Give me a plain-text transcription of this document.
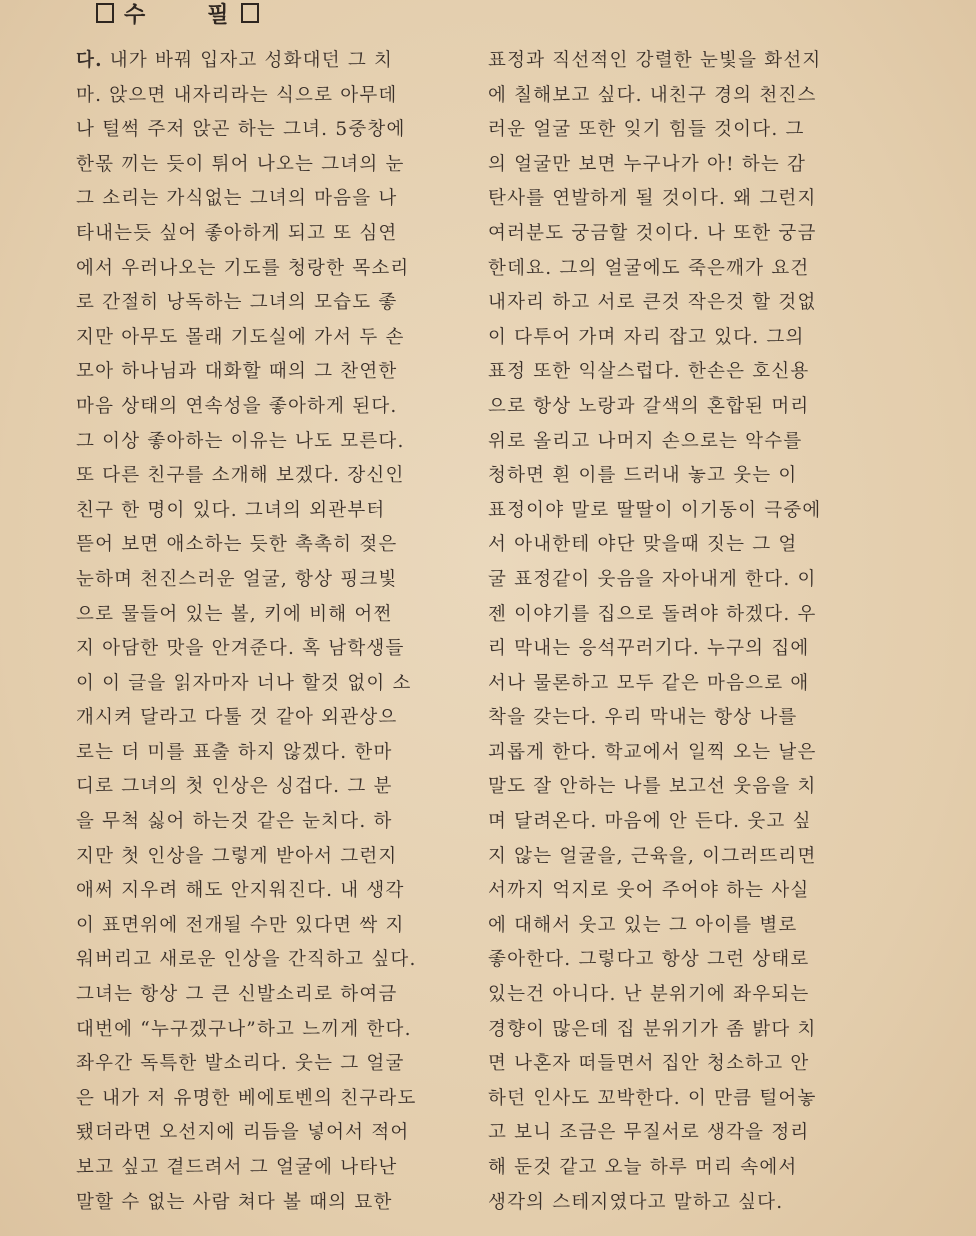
수	필
다. 내가 바꿔 입자고 성화대던 그 치
마. 앉으면 내자리라는 식으로 아무데
나 털썩 주저 앉곤 하는 그녀. 5중창에
한몫 끼는 듯이 튀어 나오는 그녀의 눈
그 소리는 가식없는 그녀의 마음을 나
타내는듯 싶어 좋아하게 되고 또 심연
에서 우러나오는 기도를 청랑한 목소리
로 간절히 낭독하는 그녀의 모습도 좋
지만 아무도 몰래 기도실에 가서 두 손
모아 하나님과 대화할 때의 그 찬연한
마음 상태의 연속성을 좋아하게 된다.
그 이상 좋아하는 이유는 나도 모른다.
또 다른 친구를 소개해 보겠다. 장신인
친구 한 명이 있다. 그녀의 외관부터
뜯어 보면 애소하는 듯한 촉촉히 젖은
눈하며 천진스러운 얼굴, 항상 핑크빛
으로 물들어 있는 볼, 키에 비해 어쩐
지 아담한 맛을 안겨준다. 혹 남학생들
이 이 글을 읽자마자 너나 할것 없이 소
개시켜 달라고 다툴 것 같아 외관상으
로는 더 미를 표출 하지 않겠다. 한마
디로 그녀의 첫 인상은 싱겁다. 그 분
을 무척 싫어 하는것 같은 눈치다. 하
지만 첫 인상을 그렇게 받아서 그런지
애써 지우려 해도 안지워진다. 내 생각
이 표면위에 전개될 수만 있다면 싹 지
워버리고 새로운 인상을 간직하고 싶다.
그녀는 항상 그 큰 신발소리로 하여금
대번에 “누구겠구나”하고 느끼게 한다.
좌우간 독특한 발소리다. 웃는 그 얼굴
은 내가 저 유명한 베에토벤의 친구라도
됐더라면 오선지에 리듬을 넣어서 적어
보고 싶고 곁드려서 그 얼굴에 나타난
말할 수 없는 사람 쳐다 볼 때의 묘한
표정과 직선적인 강렬한 눈빛을 화선지
에 칠해보고 싶다. 내친구 경의 천진스
러운 얼굴 또한 잊기 힘들 것이다. 그
의 얼굴만 보면 누구나가 아! 하는 감
탄사를 연발하게 될 것이다. 왜 그런지
여러분도 궁금할 것이다. 나 또한 궁금
한데요. 그의 얼굴에도 죽은깨가 요건
내자리 하고 서로 큰것 작은것 할 것없
이 다투어 가며 자리 잡고 있다. 그의
표정 또한 익살스럽다. 한손은 호신용
으로 항상 노랑과 갈색의 혼합된 머리
위로 올리고 나머지 손으로는 악수를
청하면 흰 이를 드러내 놓고 웃는 이
표정이야 말로 딸딸이 이기동이 극중에
서 아내한테 야단 맞을때 짓는 그 얼
굴 표정같이 웃음을 자아내게 한다. 이
젠 이야기를 집으로 돌려야 하겠다. 우
리 막내는 응석꾸러기다. 누구의 집에
서나 물론하고 모두 같은 마음으로 애
착을 갖는다. 우리 막내는 항상 나를
괴롭게 한다. 학교에서 일찍 오는 날은
말도 잘 안하는 나를 보고선 웃음을 치
며 달려온다. 마음에 안 든다. 웃고 싶
지 않는 얼굴을, 근육을, 이그러뜨리면
서까지 억지로 웃어 주어야 하는 사실
에 대해서 웃고 있는 그 아이를 별로
좋아한다. 그렇다고 항상 그런 상태로
있는건 아니다. 난 분위기에 좌우되는
경향이 많은데 집 분위기가 좀 밝다 치
면 나혼자 떠들면서 집안 청소하고 안
하던 인사도 꼬박한다. 이 만큼 털어놓
고 보니 조금은 무질서로 생각을 정리
해 둔것 같고 오늘 하루 머리 속에서
생각의 스테지였다고 말하고 싶다.
